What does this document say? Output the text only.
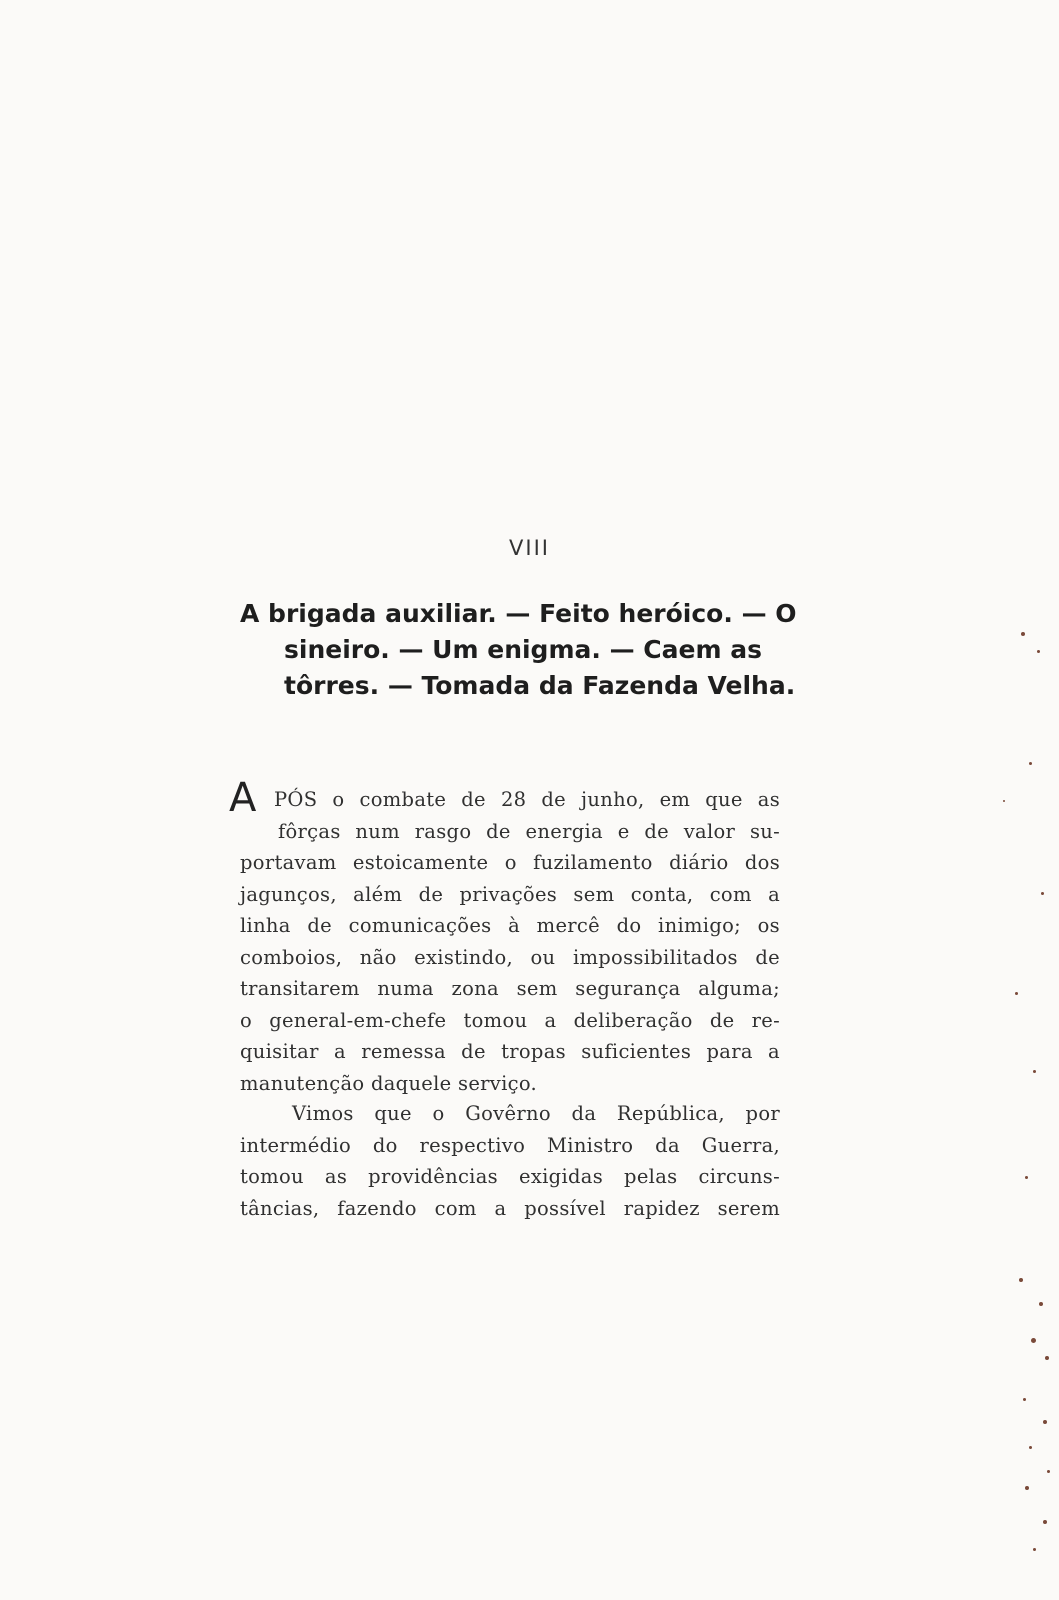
VIII
A brigada auxiliar. — Feito heróico. — O
sineiro. — Um enigma. — Caem as
tôrres. — Tomada da Fazenda Velha.
A PÓS o combate de 28 de junho, em que as
fôrças num rasgo de energia e de valor su-
portavam estoicamente o fuzilamento diário dos
jagunços, além de privações sem conta, com a
linha de comunicações à mercê do inimigo; os
comboios, não existindo, ou impossibilitados de
transitarem numa zona sem segurança alguma;
o general-em-chefe tomou a deliberação de re-
quisitar a remessa de tropas suficientes para a
manutenção daquele serviço.
Vimos que o Govêrno da República, por
intermédio do respectivo Ministro da Guerra,
tomou as providências exigidas pelas circuns-
tâncias, fazendo com a possível rapidez serem
